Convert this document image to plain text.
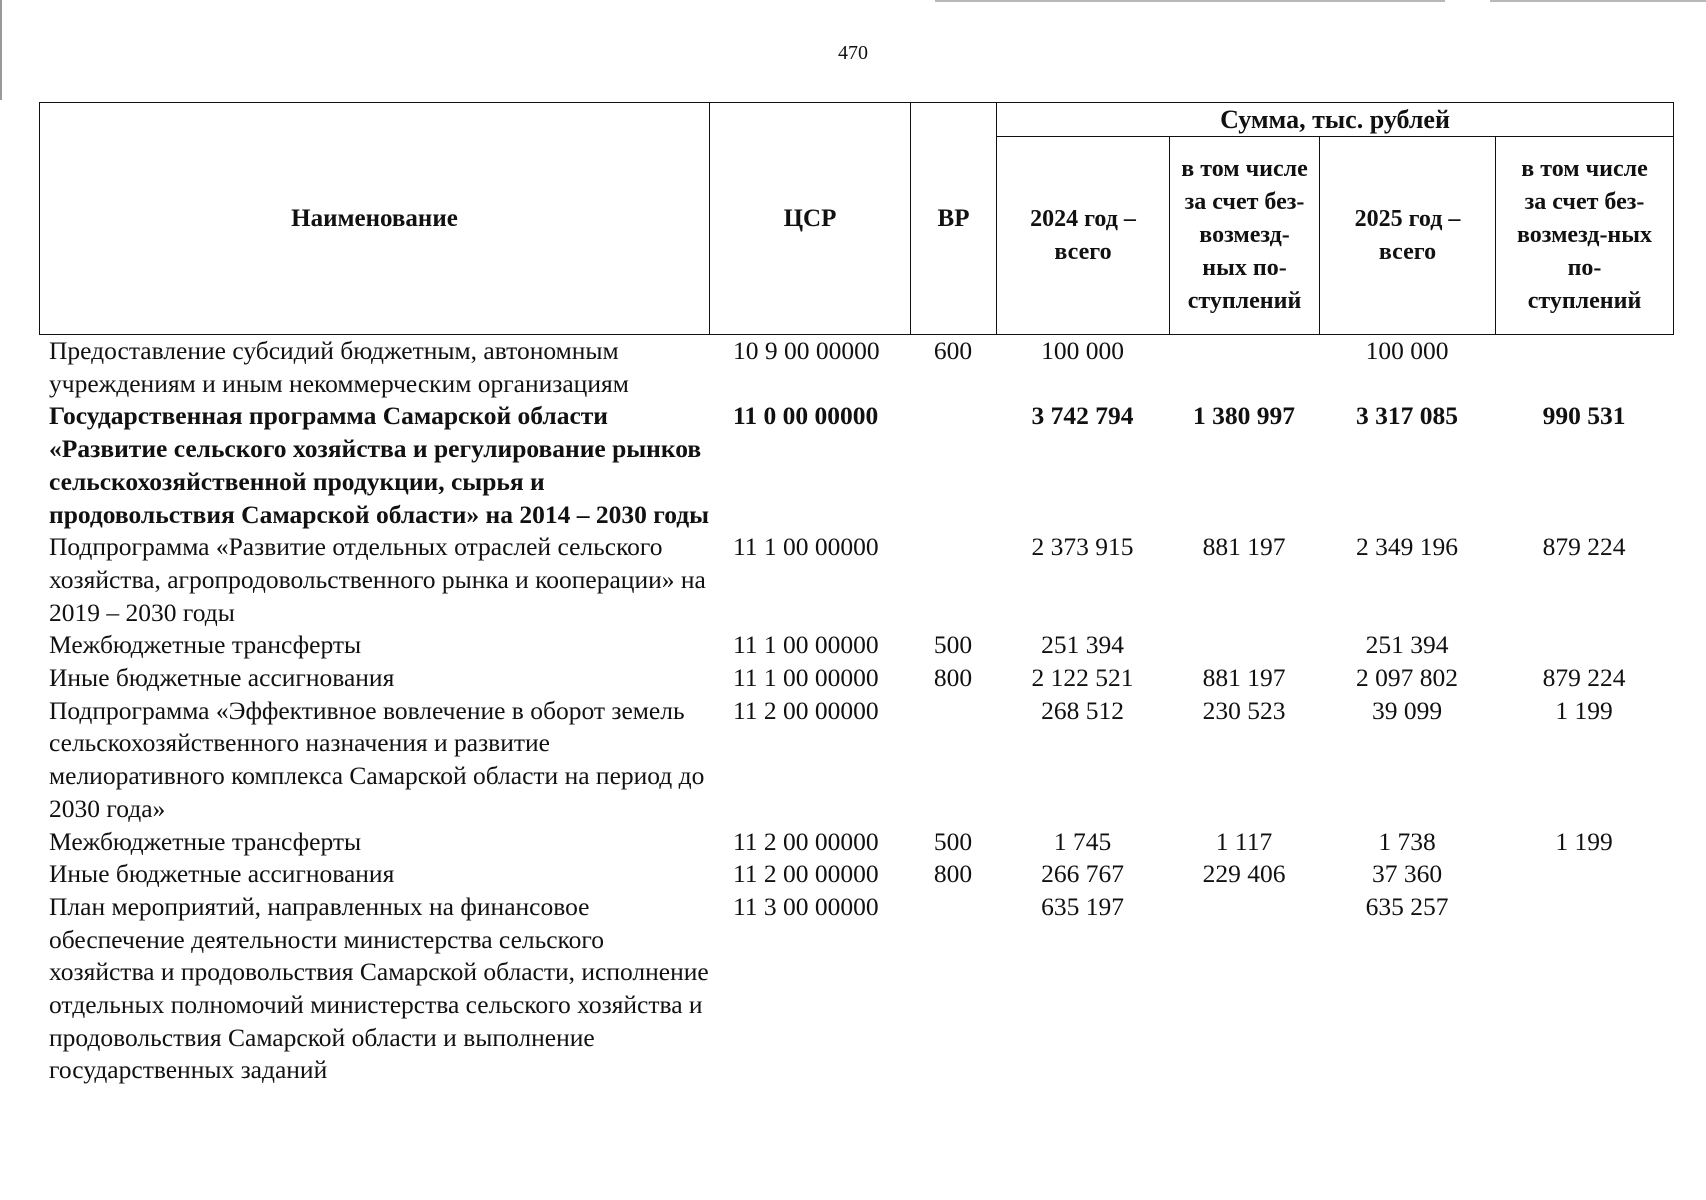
470
Наименование	ЦСР	ВР	Сумма, тыс. рублей			
			2024 год – всего	в том числе за счет без-возмезд-ных по-ступлений	2025 год – всего	в том числе за счет без-возмезд-ных по-ступлений
Предоставление субсидий бюджетным, автономным учреждениям и иным некоммерческим организациям	10 9 00 00000	600	100 000		100 000	
Государственная программа Самарской области «Развитие сельского хозяйства и регулирование рынков сельскохозяйственной продукции, сырья и продовольствия Самарской области» на 2014 – 2030 годы	11 0 00 00000		3 742 794	1 380 997	3 317 085	990 531
Подпрограмма «Развитие отдельных отраслей сельского хозяйства, агропродовольственного рынка и кооперации» на 2019 – 2030 годы	11 1 00 00000		2 373 915	881 197	2 349 196	879 224
Межбюджетные трансферты	11 1 00 00000	500	251 394		251 394	
Иные бюджетные ассигнования	11 1 00 00000	800	2 122 521	881 197	2 097 802	879 224
Подпрограмма «Эффективное вовлечение в оборот земель сельскохозяйственного назначения и развитие мелиоративного комплекса Самарской области на период до 2030 года»	11 2 00 00000		268 512	230 523	39 099	1 199
Межбюджетные трансферты	11 2 00 00000	500	1 745	1 117	1 738	1 199
Иные бюджетные ассигнования	11 2 00 00000	800	266 767	229 406	37 360	
План мероприятий, направленных на финансовое обеспечение деятельности министерства сельского хозяйства и продовольствия Самарской области, исполнение отдельных полномочий министерства сельского хозяйства и продовольствия Самарской области и выполнение государственных заданий	11 3 00 00000		635 197		635 257	
